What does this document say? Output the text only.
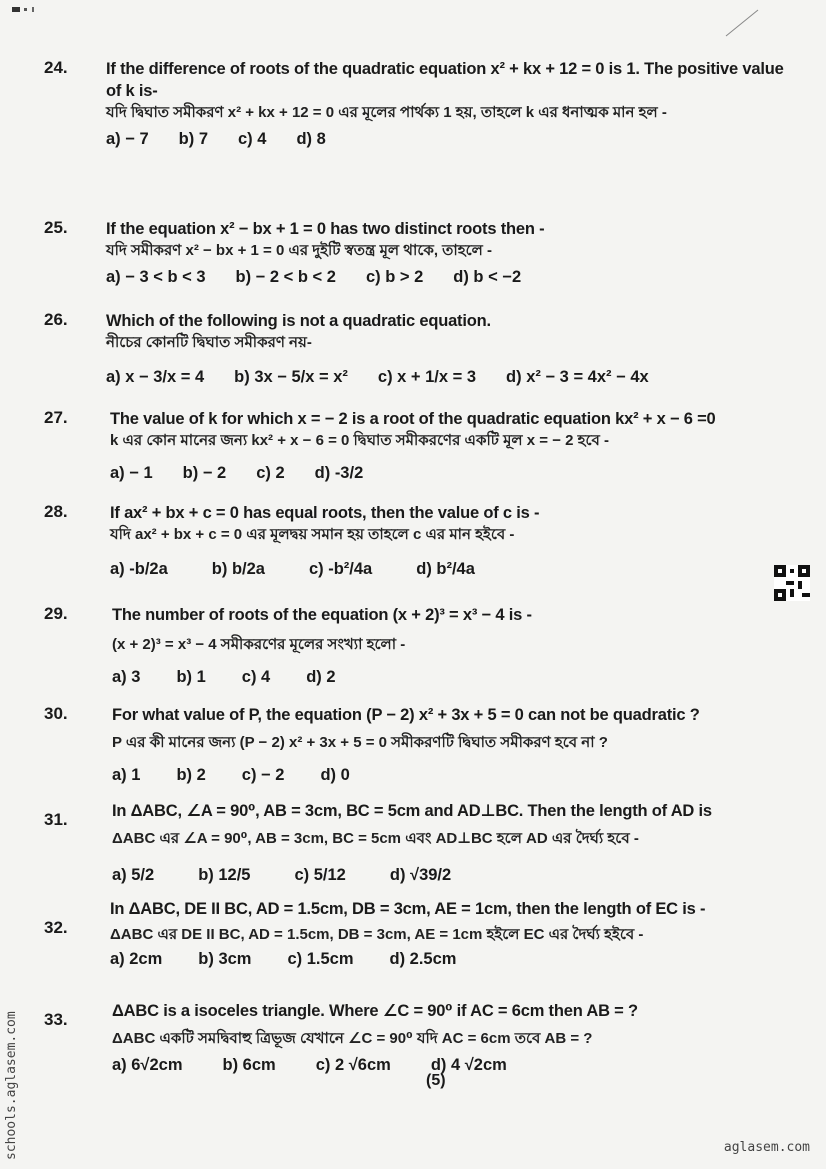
24. If the difference of roots of the quadratic equation x² + kx + 12 = 0 is 1. The positive value of k is-
যদি দ্বিঘাত সমীকরণ x² + kx + 12 = 0 এর মূলের পার্থক্য 1 হয়, তাহলে k এর ধনাত্মক মান হল -
a) − 7 b) 7 c) 4 d) 8
25. If the equation x² − bx + 1 = 0 has two distinct roots then -
যদি সমীকরণ x² − bx + 1 = 0 এর দুইটি স্বতন্ত্র মূল থাকে, তাহলে -
a) − 3 < b < 3 b) − 2 < b < 2 c) b > 2 d) b < −2
26. Which of the following is not a quadratic equation.
নীচের কোনটি দ্বিঘাত সমীকরণ নয়-
a) x − 3/x = 4 b) 3x − 5/x = x² c) x + 1/x = 3 d) x² − 3 = 4x² − 4x
27.	The value of k for which x = − 2 is a root of the quadratic equation kx² + x − 6 =0
k এর কোন মানের জন্য kx² + x − 6 = 0 দ্বিঘাত সমীকরণের একটি মূল x = − 2 হবে -
a) − 1 b) − 2 c) 2 d) -3/2
28.	If ax² + bx + c = 0 has equal roots, then the value of c is -
যদি ax² + bx + c = 0 এর মূলদ্বয় সমান হয় তাহলে c এর মান হইবে -
a) -b/2a	b) b/2a	c) -b²/4a	d) b²/4a
29.	The number of roots of the equation (x + 2)³ = x³ − 4 is -
(x + 2)³ = x³ − 4 সমীকরণের মূলের সংখ্যা হলো -
a) 3 b) 1 c) 4 d) 2
30.	For what value of P, the equation (P − 2) x² + 3x + 5 = 0 can not be quadratic ?
P এর কী মানের জন্য (P − 2) x² + 3x + 5 = 0 সমীকরণটি দ্বিঘাত সমীকরণ হবে না ?
a) 1 b) 2 c) − 2 d) 0
31.	In ΔABC, ∠A = 90⁰, AB = 3cm, BC = 5cm and AD⊥BC. Then the length of AD is
ΔABC এর ∠A = 90⁰, AB = 3cm, BC = 5cm এবং AD⊥BC হলে AD এর দৈর্ঘ্য হবে -
a) 5/2	b) 12/5	c) 5/12	d) √39/2
32.
In ΔABC, DE II BC, AD = 1.5cm, DB = 3cm, AE = 1cm, then the length of EC is -
ΔABC এর DE II BC, AD = 1.5cm, DB = 3cm, AE = 1cm হইলে EC এর দৈর্ঘ্য হইবে -
a) 2cm b) 3cm c) 1.5cm d) 2.5cm
33.	ΔABC is a isoceles triangle. Where ∠C = 90⁰ if AC = 6cm then AB = ?
ΔABC একটি সমদ্বিবাহু ত্রিভূজ যেখানে ∠C = 90⁰ যদি AC = 6cm তবে AB = ?
a) 6√2cm b) 6cm c) 2 √6cm d) 4 √2cm
(5)
schools.aglasem.com	aglasem.com
